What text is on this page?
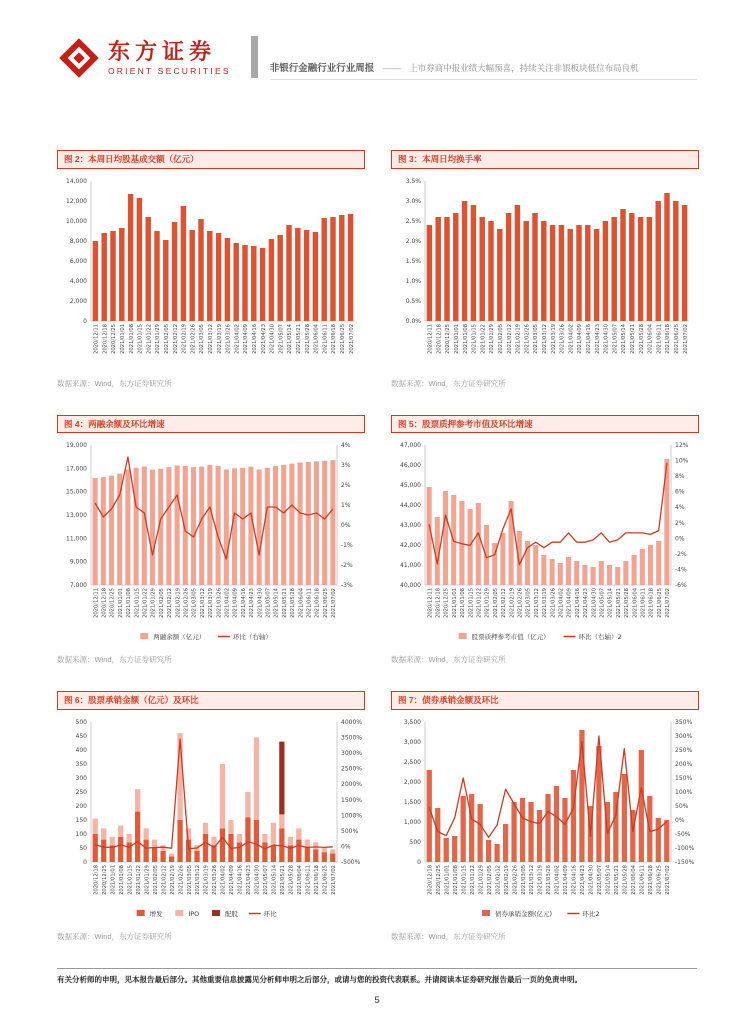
东方证券
ORIENT SECURITIES	非银行金融行业行业周报 —— 上市券商中报业绩大幅预喜，持续关注非银板块低位布局良机
图 2：本周日均股基成交额（亿元）
0
2,000
4,000
6,000
8,000
10,000
12,000
14,000
2020/12/11 2020/12/18 2020/12/25 2021/01/01 2021/01/08 2021/01/15 2021/01/22 2021/01/29 2021/02/05 2021/02/12 2021/02/19 2021/02/26 2021/03/05 2021/03/12 2021/03/19 2021/03/26 2021/04/02 2021/04/09 2021/04/16 2021/04/23 2021/04/30 2021/05/07 2021/05/14 2021/05/21 2021/05/28 2021/06/04 2021/06/11 2021/06/18 2021/06/25 2021/07/02
数据来源：Wind，东方证券研究所
图 3：本周日均换手率
0.0%
0.5%
1.0%
1.5%
2.0%
2.5%
3.0%
3.5%
2020/12/11 2020/12/18 2020/12/25 2021/01/01 2021/01/08 2021/01/15 2021/01/22 2021/01/29 2021/02/05 2021/02/12 2021/02/19 2021/02/26 2021/03/05 2021/03/12 2021/03/19 2021/03/26 2021/04/02 2021/04/09 2021/04/16 2021/04/23 2021/04/30 2021/05/07 2021/05/14 2021/05/21 2021/05/28 2021/06/04 2021/06/11 2021/06/18 2021/06/25 2021/07/02
数据来源：Wind，东方证券研究所
图 4：两融余额及环比增速
7,000
9,000
11,000
13,000
15,000
17,000
19,000
-3%
-2%
-1%
0%
1%
2%
3%
4%
2020/12/11 2020/12/18 2020/12/25 2021/01/01 2021/01/08 2021/01/15 2021/01/22 2021/01/29 2021/02/05 2021/02/12 2021/02/19 2021/02/26 2021/03/05 2021/03/12 2021/03/19 2021/03/26 2021/04/02 2021/04/09 2021/04/16 2021/04/23 2021/04/30 2021/05/07 2021/05/14 2021/05/21 2021/05/28 2021/06/04 2021/06/11 2021/06/18 2021/06/25 2021/07/02
两融余额（亿元）	环比（右轴）
数据来源：Wind，东方证券研究所
图 5：股票质押参考市值及环比增速
40,000
41,000
42,000
43,000
44,000
45,000
46,000
47,000
-6%
-4%
-2%
0%
2%
4%
6%
8%
10%
12%
2020/12/11 2020/12/18 2020/12/25 2021/01/01 2021/01/08 2021/01/15 2021/01/22 2021/01/29 2021/02/05 2021/02/12 2021/02/19 2021/02/26 2021/03/05 2021/03/12 2021/03/19 2021/03/26 2021/04/02 2021/04/09 2021/04/16 2021/04/23 2021/04/30 2021/05/07 2021/05/14 2021/05/21 2021/05/28 2021/06/04 2021/06/11 2021/06/18 2021/06/25 2021/07/02
股票质押参考市值（亿元）	环比（右轴）2
数据来源：Wind，东方证券研究所
图 6：股票承销金额（亿元）及环比
0
50
100
150
200
250
300
350
400
450
500
-500%
0%
500%
1000%
1500%
2000%
2500%
3000%
3500%
4000%
2020/12/18 2020/12/25 2021/01/01 2021/01/08 2021/01/15 2021/01/22 2021/01/29 2021/02/05 2021/02/12 2021/02/19 2021/02/26 2021/03/05 2021/03/12 2021/03/19 2021/03/26 2021/04/02 2021/04/09 2021/04/16 2021/04/23 2021/04/30 2021/05/07 2021/05/14 2021/05/21 2021/05/28 2021/06/04 2021/06/11 2021/06/18 2021/06/25 2021/07/02
增发	IPO	配股	环比
数据来源：Wind，东方证券研究所
图 7：债券承销金额及环比
0
500
1,000
1,500
2,000
2,500
3,000
3,500
-150%
-100%
-50%
0%
50%
100%
150%
200%
250%
300%
350%
2020/12/18 2020/12/25 2021/01/01 2021/01/08 2021/01/15 2021/01/22 2021/01/29 2021/02/05 2021/02/12 2021/02/19 2021/02/26 2021/03/05 2021/03/12 2021/03/19 2021/03/26 2021/04/02 2021/04/09 2021/04/16 2021/04/23 2021/04/30 2021/05/07 2021/05/14 2021/05/21 2021/05/28 2021/06/04 2021/06/11 2021/06/18 2021/06/25 2021/07/02
债券承销金额(亿元)	环比2
数据来源：Wind，东方证券研究所
有关分析师的申明，见本报告最后部分。其他重要信息披露见分析师申明之后部分，或请与您的投资代表联系。并请阅读本证券研究报告最后一页的免责申明。
5
